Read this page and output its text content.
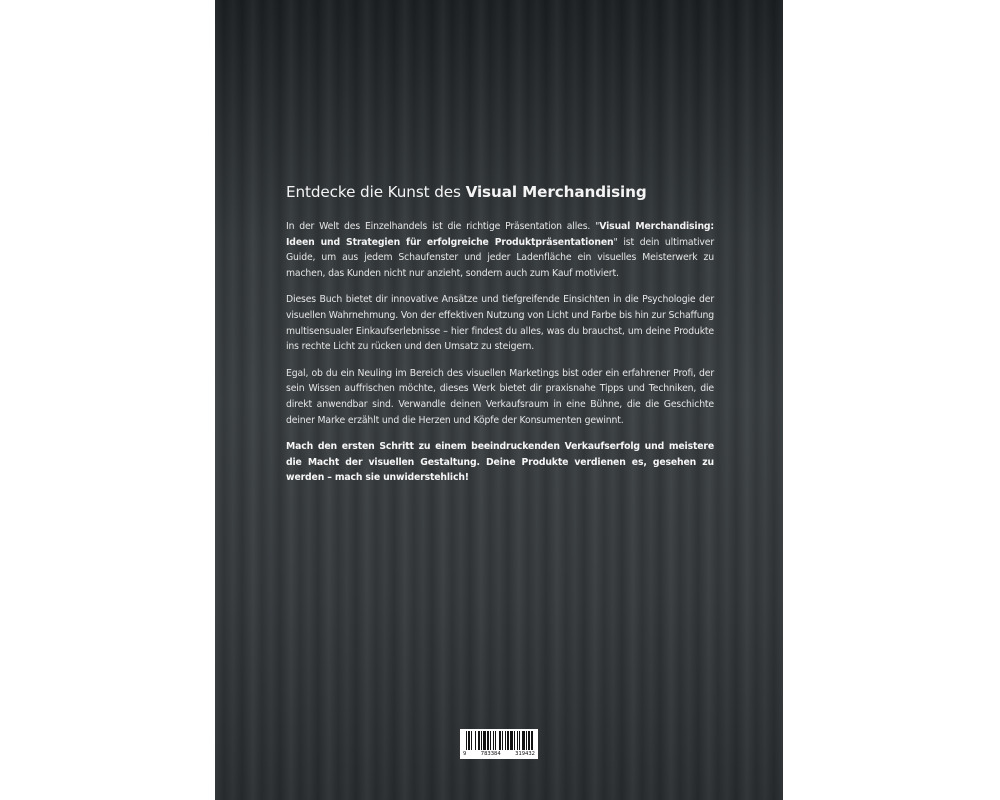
Entdecke die Kunst des Visual Merchandising

In der Welt des Einzelhandels ist die richtige Präsentation alles. "Visual Merchandising: Ideen und Strategien für erfolgreiche Produktpräsentationen" ist dein ultimativer Guide, um aus jedem Schaufenster und jeder Ladenfläche ein visuelles Meisterwerk zu machen, das Kunden nicht nur anzieht, sondern auch zum Kauf motiviert.

Dieses Buch bietet dir innovative Ansätze und tiefgreifende Einsichten in die Psychologie der visuellen Wahrnehmung. Von der effektiven Nutzung von Licht und Farbe bis hin zur Schaffung multisensualer Einkaufserlebnisse – hier findest du alles, was du brauchst, um deine Produkte ins rechte Licht zu rücken und den Umsatz zu steigern.

Egal, ob du ein Neuling im Bereich des visuellen Marketings bist oder ein erfahrener Profi, der sein Wissen auffrischen möchte, dieses Werk bietet dir praxisnahe Tipps und Techniken, die direkt anwendbar sind. Verwandle deinen Verkaufsraum in eine Bühne, die die Geschichte deiner Marke erzählt und die Herzen und Köpfe der Konsumenten gewinnt.

Mach den ersten Schritt zu einem beeindruckenden Verkaufserfolg und meistere die Macht der visuellen Gestaltung. Deine Produkte verdienen es, gesehen zu werden – mach sie unwiderstehlich!

9	783384	319432
